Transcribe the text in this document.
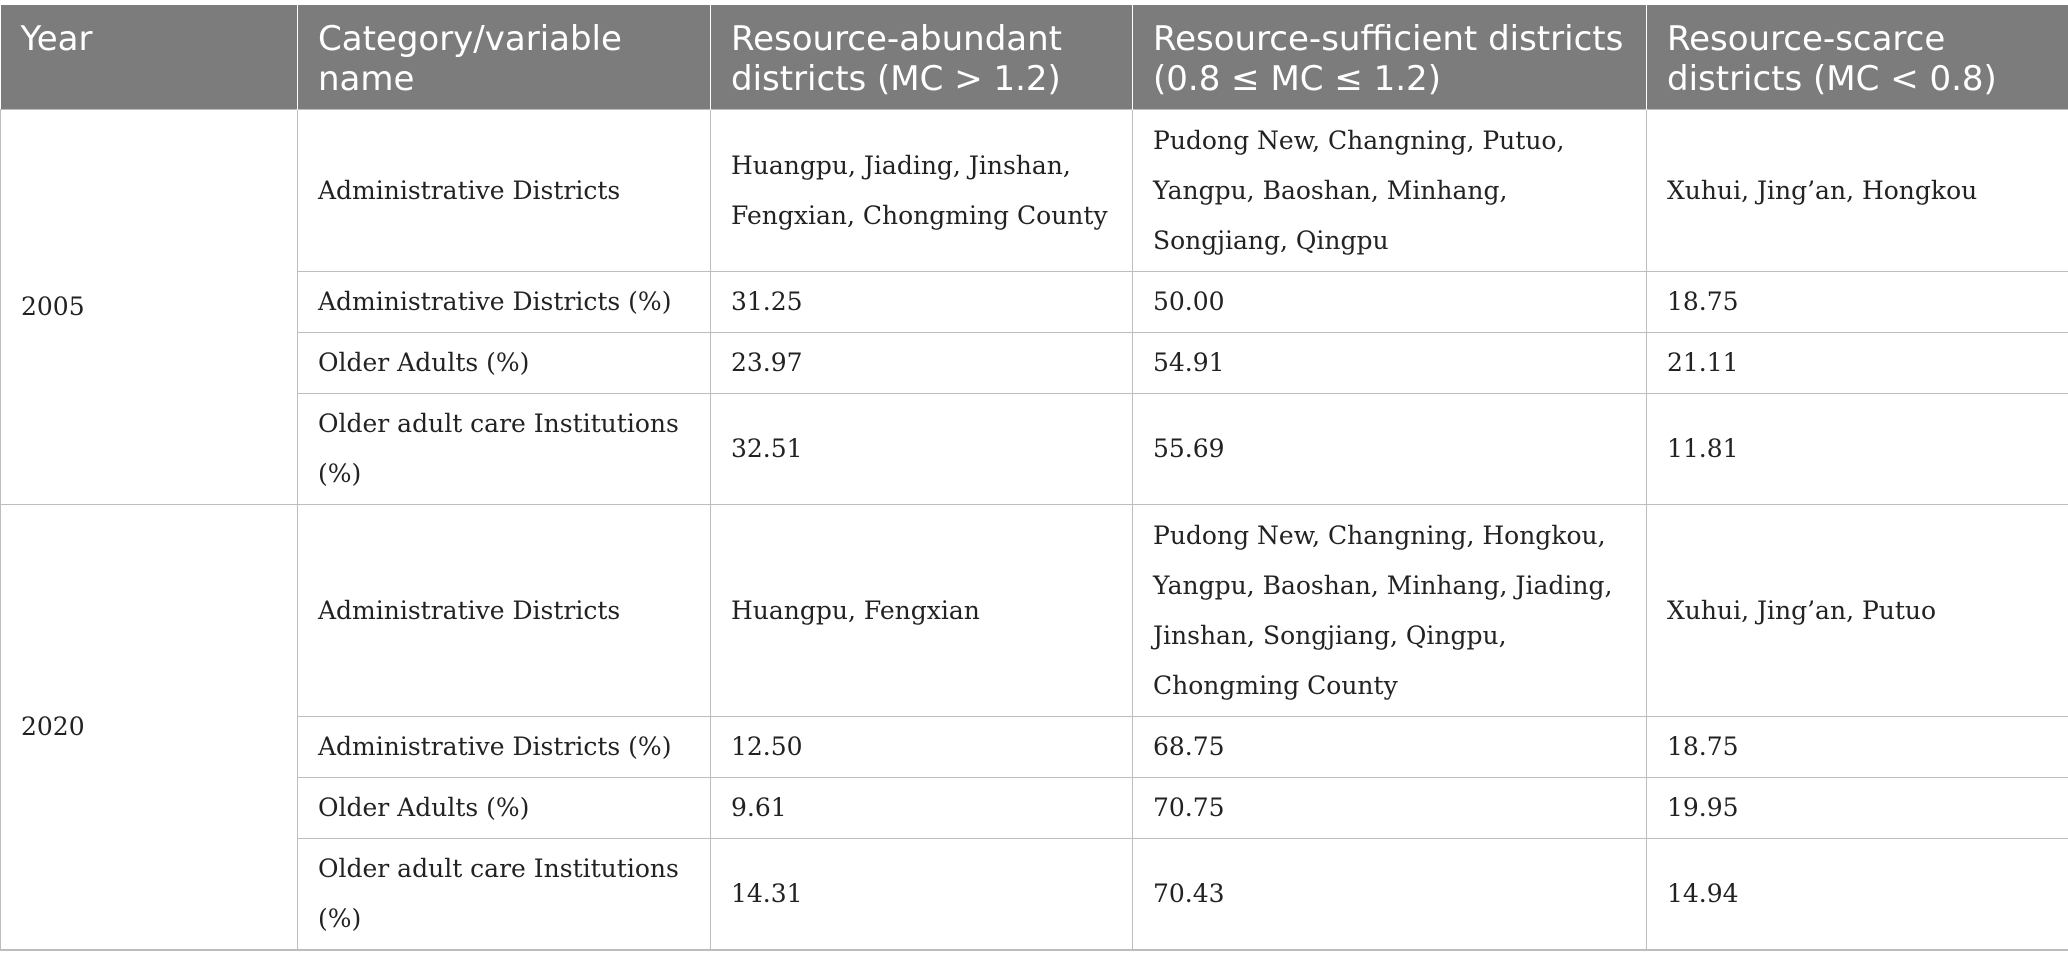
Year	Category/variable name	Resource-abundant districts (MC > 1.2)	Resource-sufficient districts (0.8 ≤ MC ≤ 1.2)	Resource-scarce districts (MC < 0.8)
2005	Administrative Districts	Huangpu, Jiading, Jinshan, Fengxian, Chongming County	Pudong New, Changning, Putuo, Yangpu, Baoshan, Minhang, Songjiang, Qingpu	Xuhui, Jing’an, Hongkou
	Administrative Districts (%)	31.25	50.00	18.75
	Older Adults (%)	23.97	54.91	21.11
	Older adult care Institutions (%)	32.51	55.69	11.81
2020	Administrative Districts	Huangpu, Fengxian	Pudong New, Changning, Hongkou, Yangpu, Baoshan, Minhang, Jiading, Jinshan, Songjiang, Qingpu, Chongming County	Xuhui, Jing’an, Putuo
	Administrative Districts (%)	12.50	68.75	18.75
	Older Adults (%)	9.61	70.75	19.95
	Older adult care Institutions (%)	14.31	70.43	14.94
